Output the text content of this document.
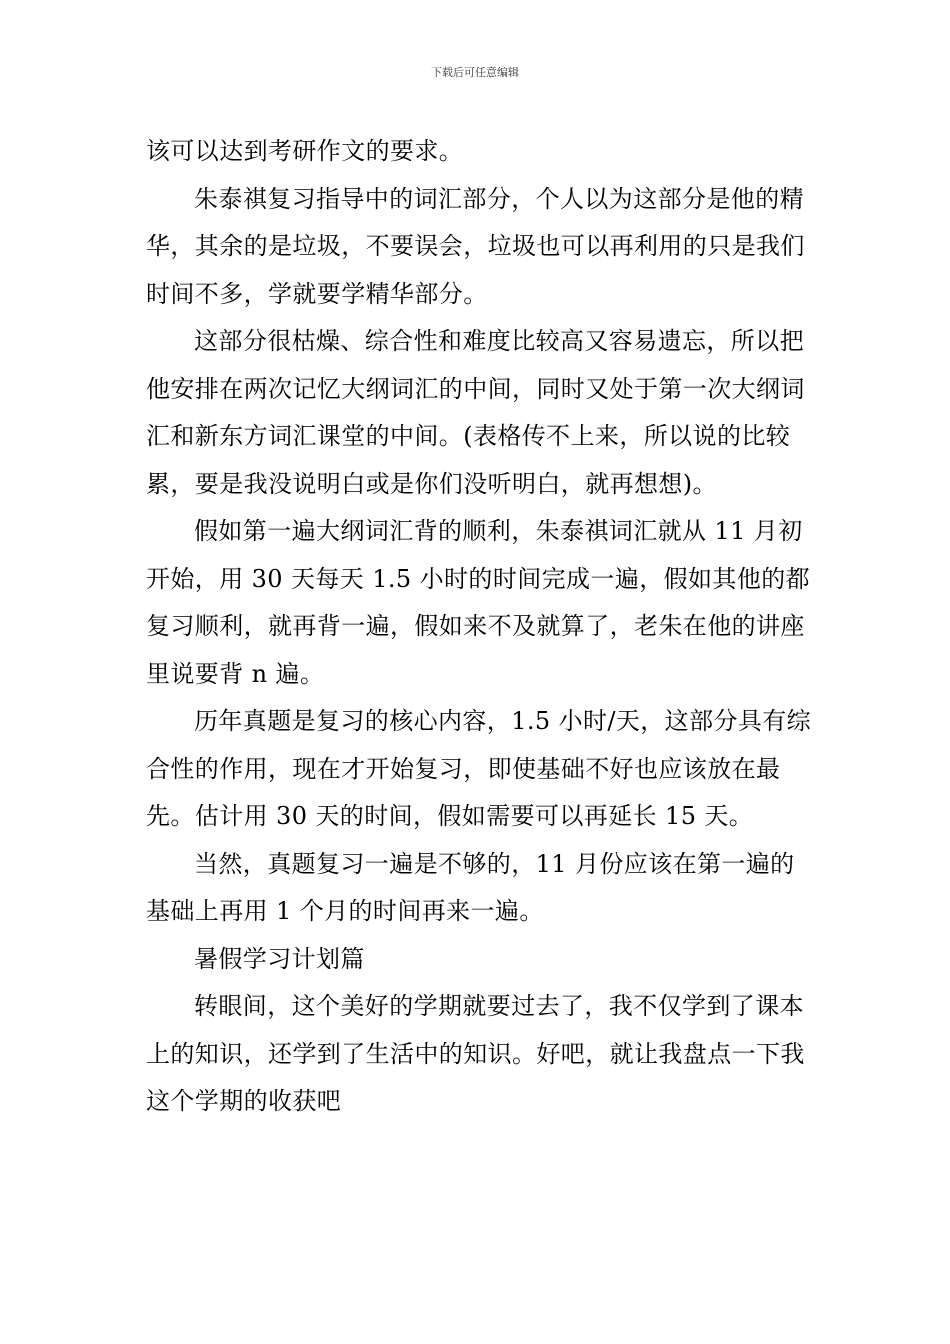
下载后可任意编辑

该可以达到考研作文的要求。

朱泰祺复习指导中的词汇部分，个人以为这部分是他的精华，其余的是垃圾，不要误会，垃圾也可以再利用的只是我们时间不多，学就要学精华部分。

这部分很枯燥、综合性和难度比较高又容易遗忘，所以把他安排在两次记忆大纲词汇的中间，同时又处于第一次大纲词汇和新东方词汇课堂的中间。(表格传不上来，所以说的比较累，要是我没说明白或是你们没听明白，就再想想)。

假如第一遍大纲词汇背的顺利，朱泰祺词汇就从 11 月初开始，用 30 天每天 1.5 小时的时间完成一遍，假如其他的都复习顺利，就再背一遍，假如来不及就算了，老朱在他的讲座里说要背 n 遍。

历年真题是复习的核心内容，1.5 小时/天，这部分具有综合性的作用，现在才开始复习，即使基础不好也应该放在最先。估计用 30 天的时间，假如需要可以再延长 15 天。

当然，真题复习一遍是不够的，11 月份应该在第一遍的基础上再用 1 个月的时间再来一遍。

暑假学习计划篇

转眼间，这个美好的学期就要过去了，我不仅学到了课本上的知识，还学到了生活中的知识。好吧，就让我盘点一下我这个学期的收获吧
